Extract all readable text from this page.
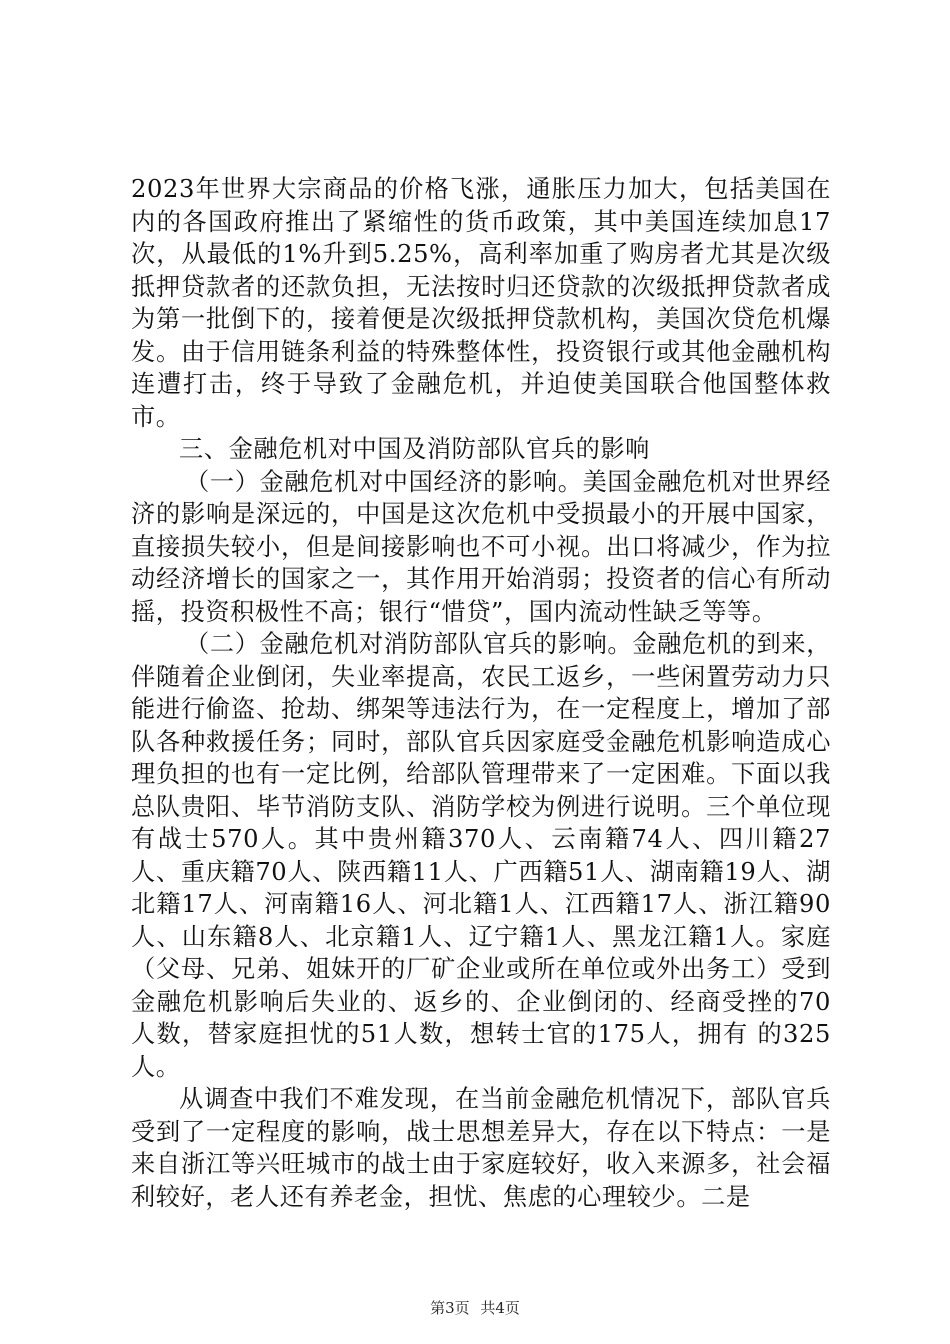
2023年世界大宗商品的价格飞涨，通胀压力加大，包括美国在内的各国政府推出了紧缩性的货币政策，其中美国连续加息17次，从最低的1%升到5.25%，高利率加重了购房者尤其是次级抵押贷款者的还款负担，无法按时归还贷款的次级抵押贷款者成为第一批倒下的，接着便是次级抵押贷款机构，美国次贷危机爆发。由于信用链条利益的特殊整体性，投资银行或其他金融机构连遭打击，终于导致了金融危机，并迫使美国联合他国整体救市。

三、金融危机对中国及消防部队官兵的影响

（一）金融危机对中国经济的影响。美国金融危机对世界经济的影响是深远的，中国是这次危机中受损最小的开展中国家，直接损失较小，但是间接影响也不可小视。出口将减少，作为拉动经济增长的国家之一，其作用开始消弱；投资者的信心有所动摇，投资积极性不高；银行“惜贷”，国内流动性缺乏等等。

（二）金融危机对消防部队官兵的影响。金融危机的到来，伴随着企业倒闭，失业率提高，农民工返乡，一些闲置劳动力只能进行偷盗、抢劫、绑架等违法行为，在一定程度上，增加了部队各种救援任务；同时，部队官兵因家庭受金融危机影响造成心理负担的也有一定比例，给部队管理带来了一定困难。下面以我总队贵阳、毕节消防支队、消防学校为例进行说明。三个单位现有战士570人。其中贵州籍370人、云南籍74人、四川籍27人、重庆籍70人、陕西籍11人、广西籍51人、湖南籍19人、湖北籍17人、河南籍16人、河北籍1人、江西籍17人、浙江籍90人、山东籍8人、北京籍1人、辽宁籍1人、黑龙江籍1人。家庭（父母、兄弟、姐妹开的厂矿企业或所在单位或外出务工）受到金融危机影响后失业的、返乡的、企业倒闭的、经商受挫的70人数，替家庭担忧的51人数，想转士官的175人，拥有 的325人。

从调查中我们不难发现，在当前金融危机情况下，部队官兵受到了一定程度的影响，战士思想差异大，存在以下特点：一是来自浙江等兴旺城市的战士由于家庭较好，收入来源多，社会福利较好，老人还有养老金，担忧、焦虑的心理较少。二是

第3页 共4页
